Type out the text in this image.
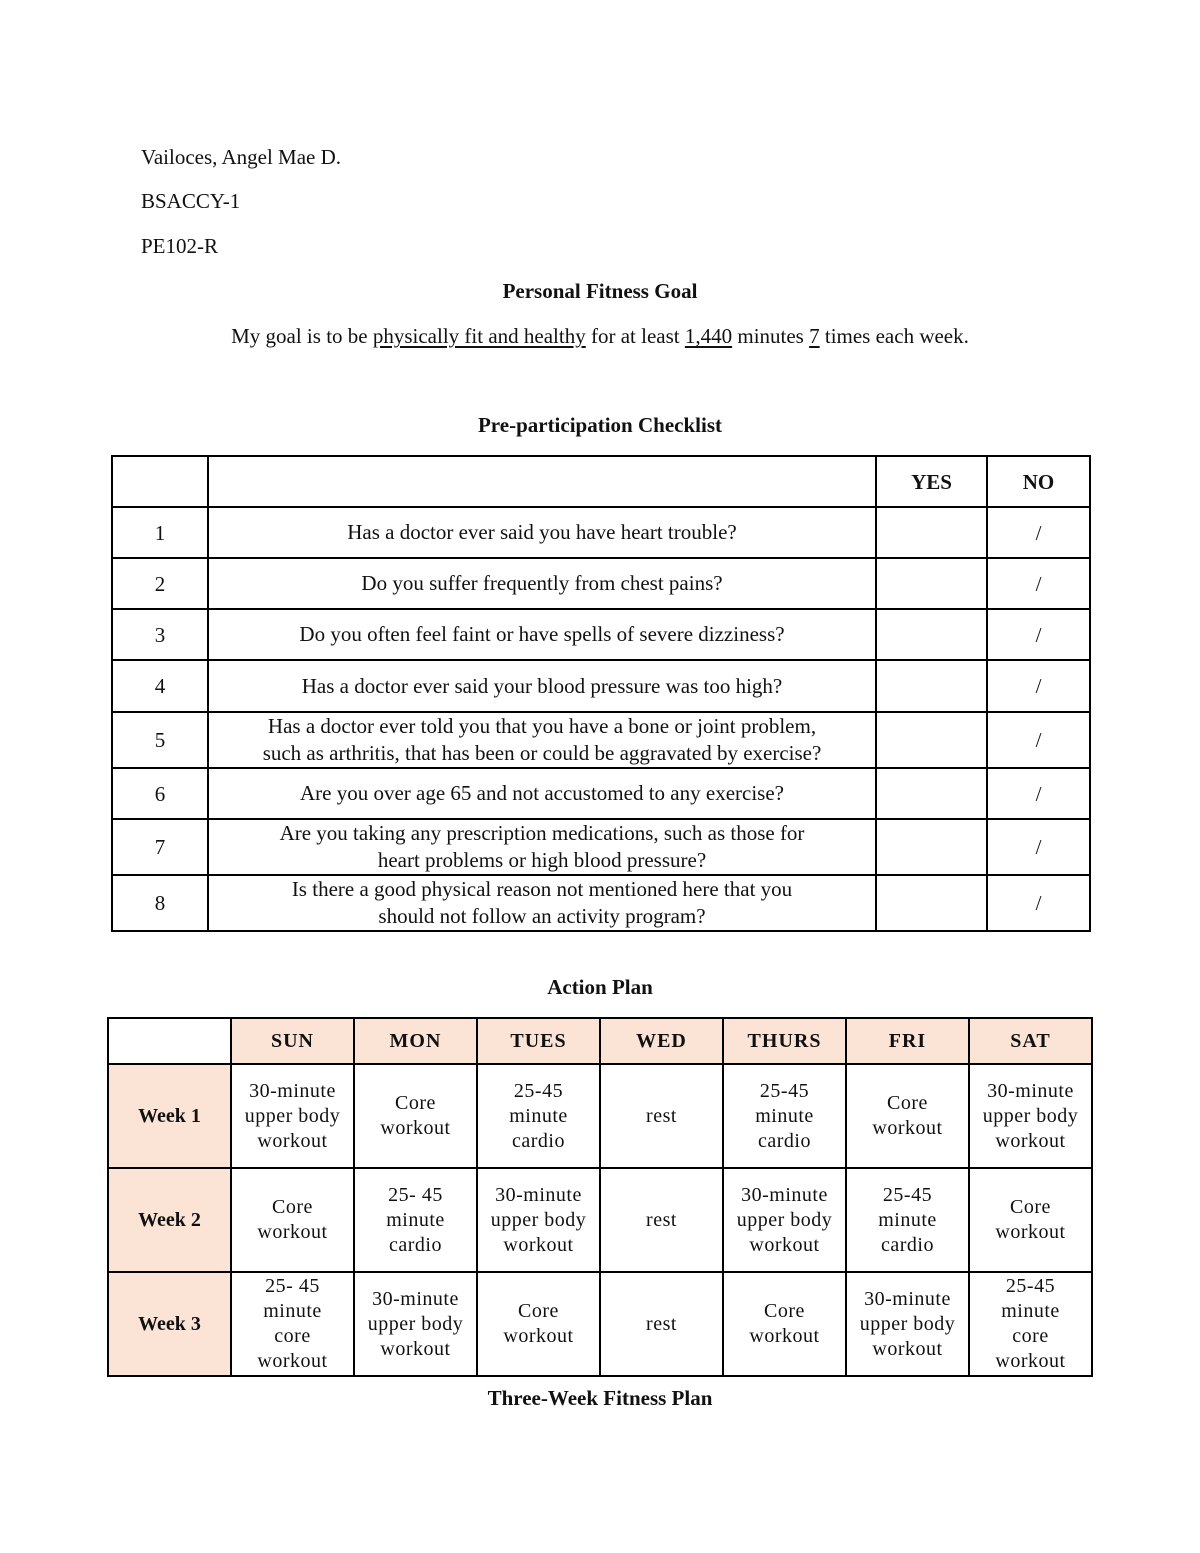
Vailoces, Angel Mae D.
BSACCY-1
PE102-R
Personal Fitness Goal
My goal is to be physically fit and healthy for at least 1,440 minutes 7 times each week.
Pre-participation Checklist
		YES	NO
1	Has a doctor ever said you have heart trouble?		/
2	Do you suffer frequently from chest pains?		/
3	Do you often feel faint or have spells of severe dizziness?		/
4	Has a doctor ever said your blood pressure was too high?		/
5	Has a doctor ever told you that you have a bone or joint problem,
such as arthritis, that has been or could be aggravated by exercise?		/
6	Are you over age 65 and not accustomed to any exercise?		/
7	Are you taking any prescription medications, such as those for
heart problems or high blood pressure?		/
8	Is there a good physical reason not mentioned here that you
should not follow an activity program?		/
Action Plan
	SUN	MON	TUES	WED	THURS	FRI	SAT
Week 1	30-minute
upper body
workout	Core
workout	25-45
minute
cardio	rest	25-45
minute
cardio	Core
workout	30-minute
upper body
workout
Week 2	Core
workout	25- 45
minute
cardio	30-minute
upper body
workout	rest	30-minute
upper body
workout	25-45
minute
cardio	Core
workout
Week 3	25- 45
minute
core
workout	30-minute
upper body
workout	Core
workout	rest	Core
workout	30-minute
upper body
workout	25-45
minute
core
workout
Three-Week Fitness Plan
